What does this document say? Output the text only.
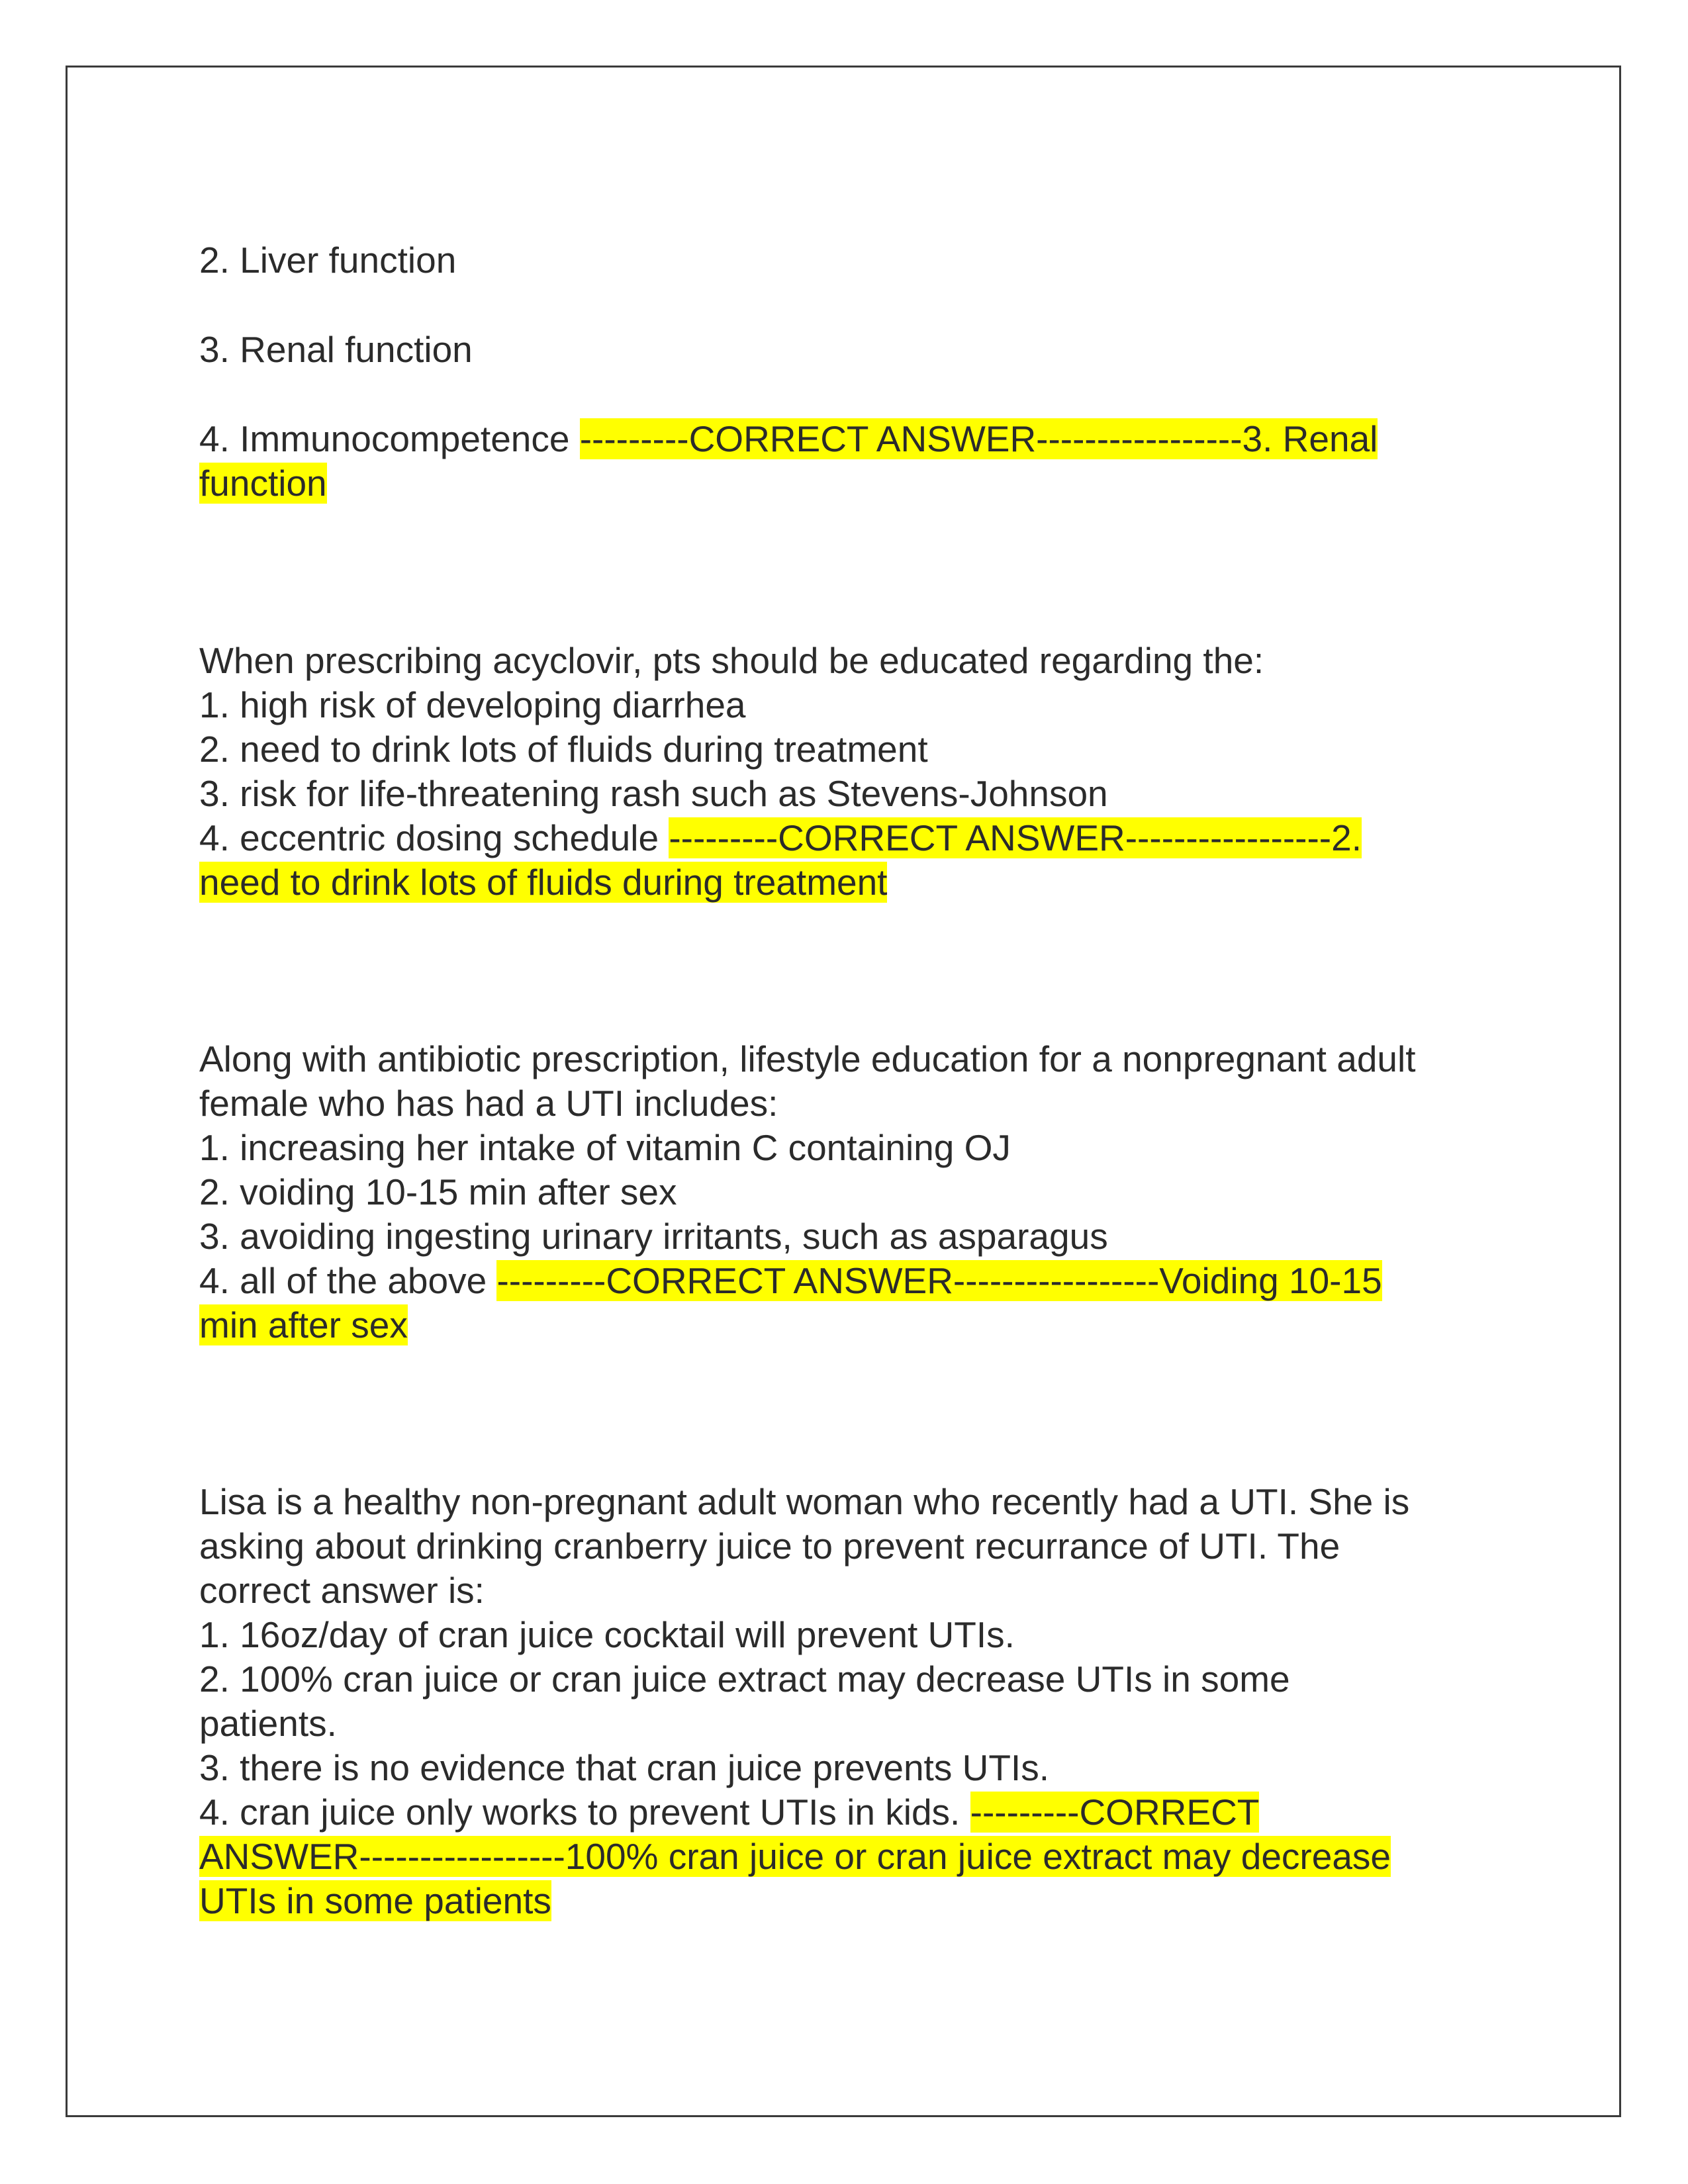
2. Liver function
3. Renal function
4. Immunocompetence ---------CORRECT ANSWER-----------------3. Renal
function
When prescribing acyclovir, pts should be educated regarding the:
1. high risk of developing diarrhea
2. need to drink lots of fluids during treatment
3. risk for life-threatening rash such as Stevens-Johnson
4. eccentric dosing schedule ---------CORRECT ANSWER-----------------2.
need to drink lots of fluids during treatment
Along with antibiotic prescription, lifestyle education for a nonpregnant adult
female who has had a UTI includes:
1. increasing her intake of vitamin C containing OJ
2. voiding 10-15 min after sex
3. avoiding ingesting urinary irritants, such as asparagus
4. all of the above ---------CORRECT ANSWER-----------------Voiding 10-15
min after sex
Lisa is a healthy non-pregnant adult woman who recently had a UTI. She is
asking about drinking cranberry juice to prevent recurrance of UTI. The
correct answer is:
1. 16oz/day of cran juice cocktail will prevent UTIs.
2. 100% cran juice or cran juice extract may decrease UTIs in some
patients.
3. there is no evidence that cran juice prevents UTIs.
4. cran juice only works to prevent UTIs in kids. ---------CORRECT
ANSWER-----------------100% cran juice or cran juice extract may decrease
UTIs in some patients
